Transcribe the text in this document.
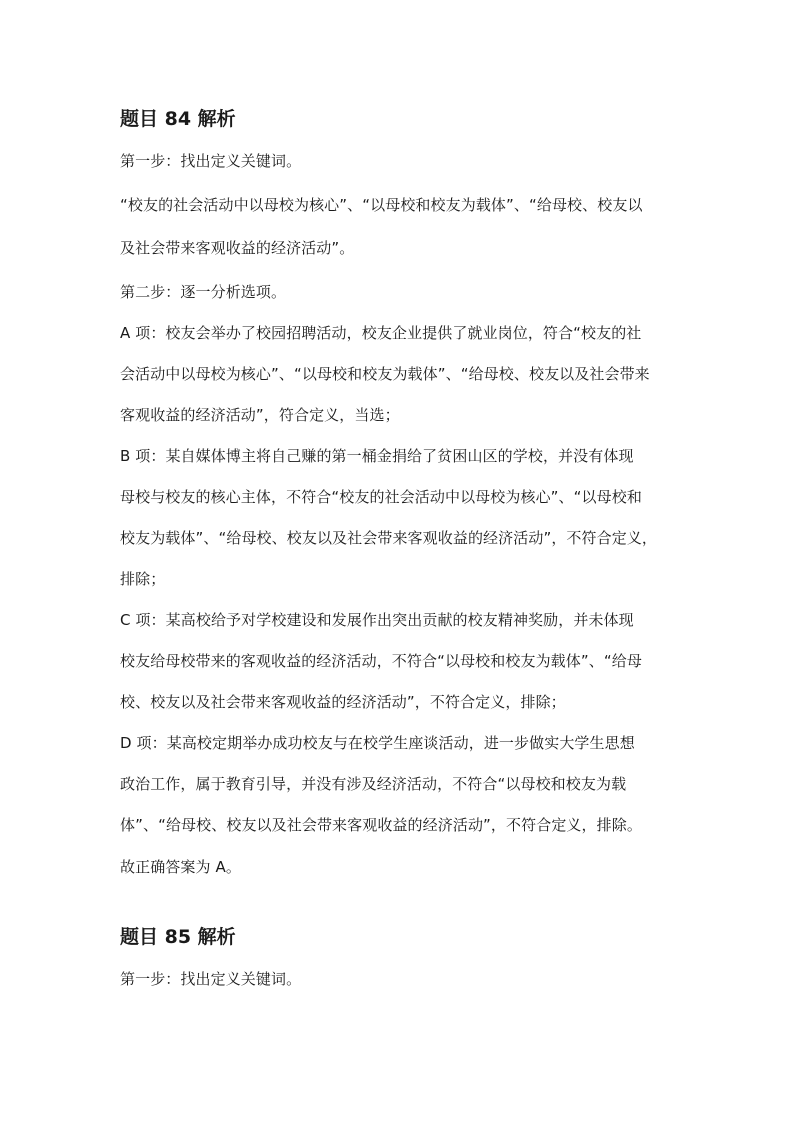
题目 84 解析
第一步：找出定义关键词。
“校友的社会活动中以母校为核心”、“以母校和校友为载体”、“给母校、校友以
及社会带来客观收益的经济活动”。
第二步：逐一分析选项。
A 项：校友会举办了校园招聘活动，校友企业提供了就业岗位，符合“校友的社
会活动中以母校为核心”、“以母校和校友为载体”、“给母校、校友以及社会带来
客观收益的经济活动”，符合定义，当选；
B 项：某自媒体博主将自己赚的第一桶金捐给了贫困山区的学校，并没有体现
母校与校友的核心主体，不符合“校友的社会活动中以母校为核心”、“以母校和
校友为载体”、“给母校、校友以及社会带来客观收益的经济活动”，不符合定义，
排除；
C 项：某高校给予对学校建设和发展作出突出贡献的校友精神奖励，并未体现
校友给母校带来的客观收益的经济活动，不符合“以母校和校友为载体”、“给母
校、校友以及社会带来客观收益的经济活动”，不符合定义，排除；
D 项：某高校定期举办成功校友与在校学生座谈活动，进一步做实大学生思想
政治工作，属于教育引导，并没有涉及经济活动，不符合“以母校和校友为载
体”、“给母校、校友以及社会带来客观收益的经济活动”，不符合定义，排除。
故正确答案为 A。
题目 85 解析
第一步：找出定义关键词。
